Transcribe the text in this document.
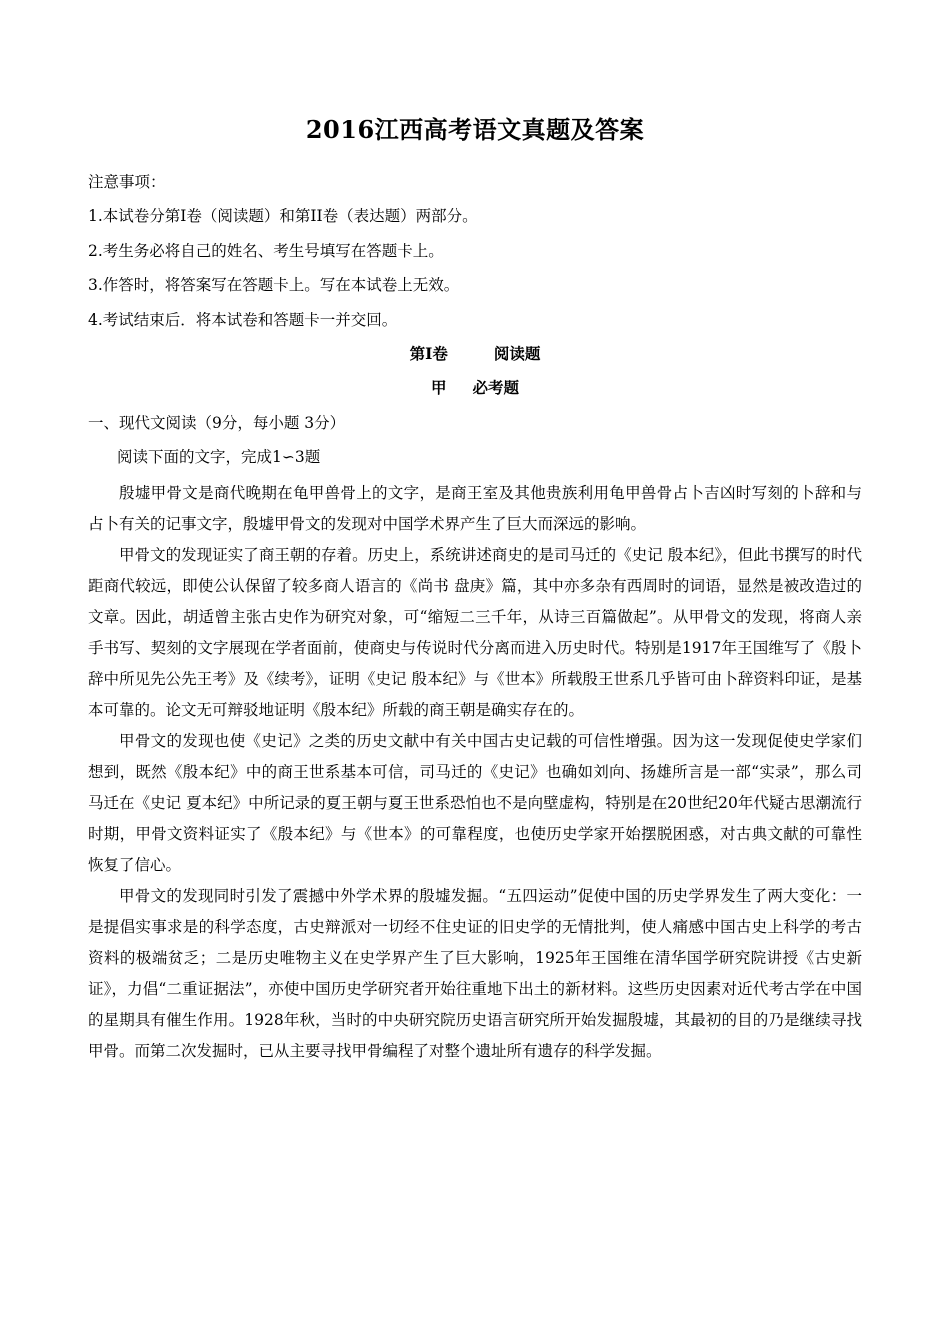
2016江西高考语文真题及答案
注意事项：
1.本试卷分第I卷（阅读题）和第II卷（表达题）两部分。
2.考生务必将自己的姓名、考生号填写在答题卡上。
3.作答时，将答案写在答题卡上。写在本试卷上无效。
4.考试结束后．将本试卷和答题卡一并交回。
第I卷	阅读题
甲 必考题
一、现代文阅读（9分，每小题 3分）
阅读下面的文字，完成1∽3题

殷墟甲骨文是商代晚期在龟甲兽骨上的文字，是商王室及其他贵族利用龟甲兽骨占卜吉凶时写刻的卜辞和与占卜有关的记事文字，殷墟甲骨文的发现对中国学术界产生了巨大而深远的影响。

甲骨文的发现证实了商王朝的存着。历史上，系统讲述商史的是司马迁的《史记 殷本纪》，但此书撰写的时代距商代较远，即使公认保留了较多商人语言的《尚书 盘庚》篇，其中亦多杂有西周时的词语，显然是被改造过的文章。因此，胡适曾主张古史作为研究对象，可“缩短二三千年，从诗三百篇做起”。从甲骨文的发现，将商人亲手书写、契刻的文字展现在学者面前，使商史与传说时代分离而进入历史时代。特别是1917年王国维写了《殷卜辞中所见先公先王考》及《续考》，证明《史记 殷本纪》与《世本》所载殷王世系几乎皆可由卜辞资料印证，是基本可靠的。论文无可辩驳地证明《殷本纪》所载的商王朝是确实存在的。

甲骨文的发现也使《史记》之类的历史文献中有关中国古史记载的可信性增强。因为这一发现促使史学家们想到，既然《殷本纪》中的商王世系基本可信，司马迁的《史记》也确如刘向、扬雄所言是一部“实录”，那么司马迁在《史记 夏本纪》中所记录的夏王朝与夏王世系恐怕也不是向壁虚构，特别是在20世纪20年代疑古思潮流行时期，甲骨文资料证实了《殷本纪》与《世本》的可靠程度，也使历史学家开始摆脱困惑，对古典文献的可靠性恢复了信心。

甲骨文的发现同时引发了震撼中外学术界的殷墟发掘。“五四运动”促使中国的历史学界发生了两大变化：一是提倡实事求是的科学态度，古史辩派对一切经不住史证的旧史学的无情批判，使人痛感中国古史上科学的考古资料的极端贫乏；二是历史唯物主义在史学界产生了巨大影响，1925年王国维在清华国学研究院讲授《古史新证》，力倡“二重证据法”，亦使中国历史学研究者开始往重地下出土的新材料。这些历史因素对近代考古学在中国的星期具有催生作用。1928年秋，当时的中央研究院历史语言研究所开始发掘殷墟，其最初的目的乃是继续寻找甲骨。而第二次发掘时，已从主要寻找甲骨编程了对整个遗址所有遗存的科学发掘。
